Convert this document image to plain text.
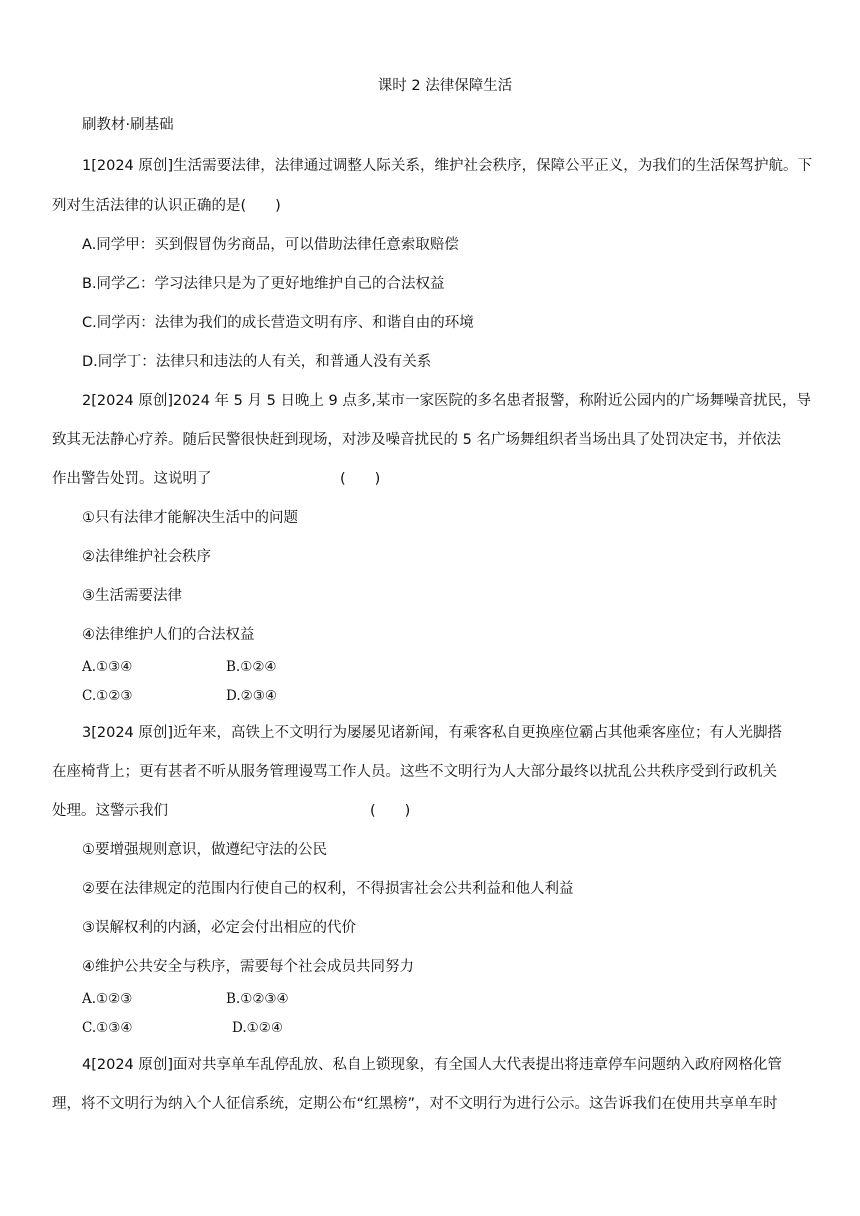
课时 2 法律保障生活
刷教材·刷基础

1[2024 原创]生活需要法律，法律通过调整人际关系，维护社会秩序，保障公平正义，为我们的生活保驾护航。下列对生活法律的认识正确的是(　　)

A.同学甲：买到假冒伪劣商品，可以借助法律任意索取赔偿
B.同学乙：学习法律只是为了更好地维护自己的合法权益
C.同学丙：法律为我们的成长营造文明有序、和谐自由的环境
D.同学丁：法律只和违法的人有关，和普通人没有关系
2[2024 原创]2024 年 5 月 5 日晚上 9 点多,某市一家医院的多名患者报警，称附近公园内的广场舞噪音扰民，导
致其无法静心疗养。随后民警很快赶到现场，对涉及噪音扰民的 5 名广场舞组织者当场出具了处罚决定书，并依法
作出警告处罚。这说明了	(　　)
①只有法律才能解决生活中的问题
②法律维护社会秩序
③生活需要法律
④法律维护人们的合法权益
A.①③④	B.①②④
C.①②③	D.②③④
3[2024 原创]近年来，高铁上不文明行为屡屡见诸新闻，有乘客私自更换座位霸占其他乘客座位；有人光脚搭
在座椅背上；更有甚者不听从服务管理谩骂工作人员。这些不文明行为人大部分最终以扰乱公共秩序受到行政机关
处理。这警示我们	(　　)
①要增强规则意识，做遵纪守法的公民
②要在法律规定的范围内行使自己的权利，不得损害社会公共利益和他人利益
③误解权利的内涵，必定会付出相应的代价
④维护公共安全与秩序，需要每个社会成员共同努力
A.①②③	B.①②③④
C.①③④	D.①②④
4[2024 原创]面对共享单车乱停乱放、私自上锁现象，有全国人大代表提出将违章停车问题纳入政府网格化管
理，将不文明行为纳入个人征信系统，定期公布“红黑榜”，对不文明行为进行公示。这告诉我们在使用共享单车时
